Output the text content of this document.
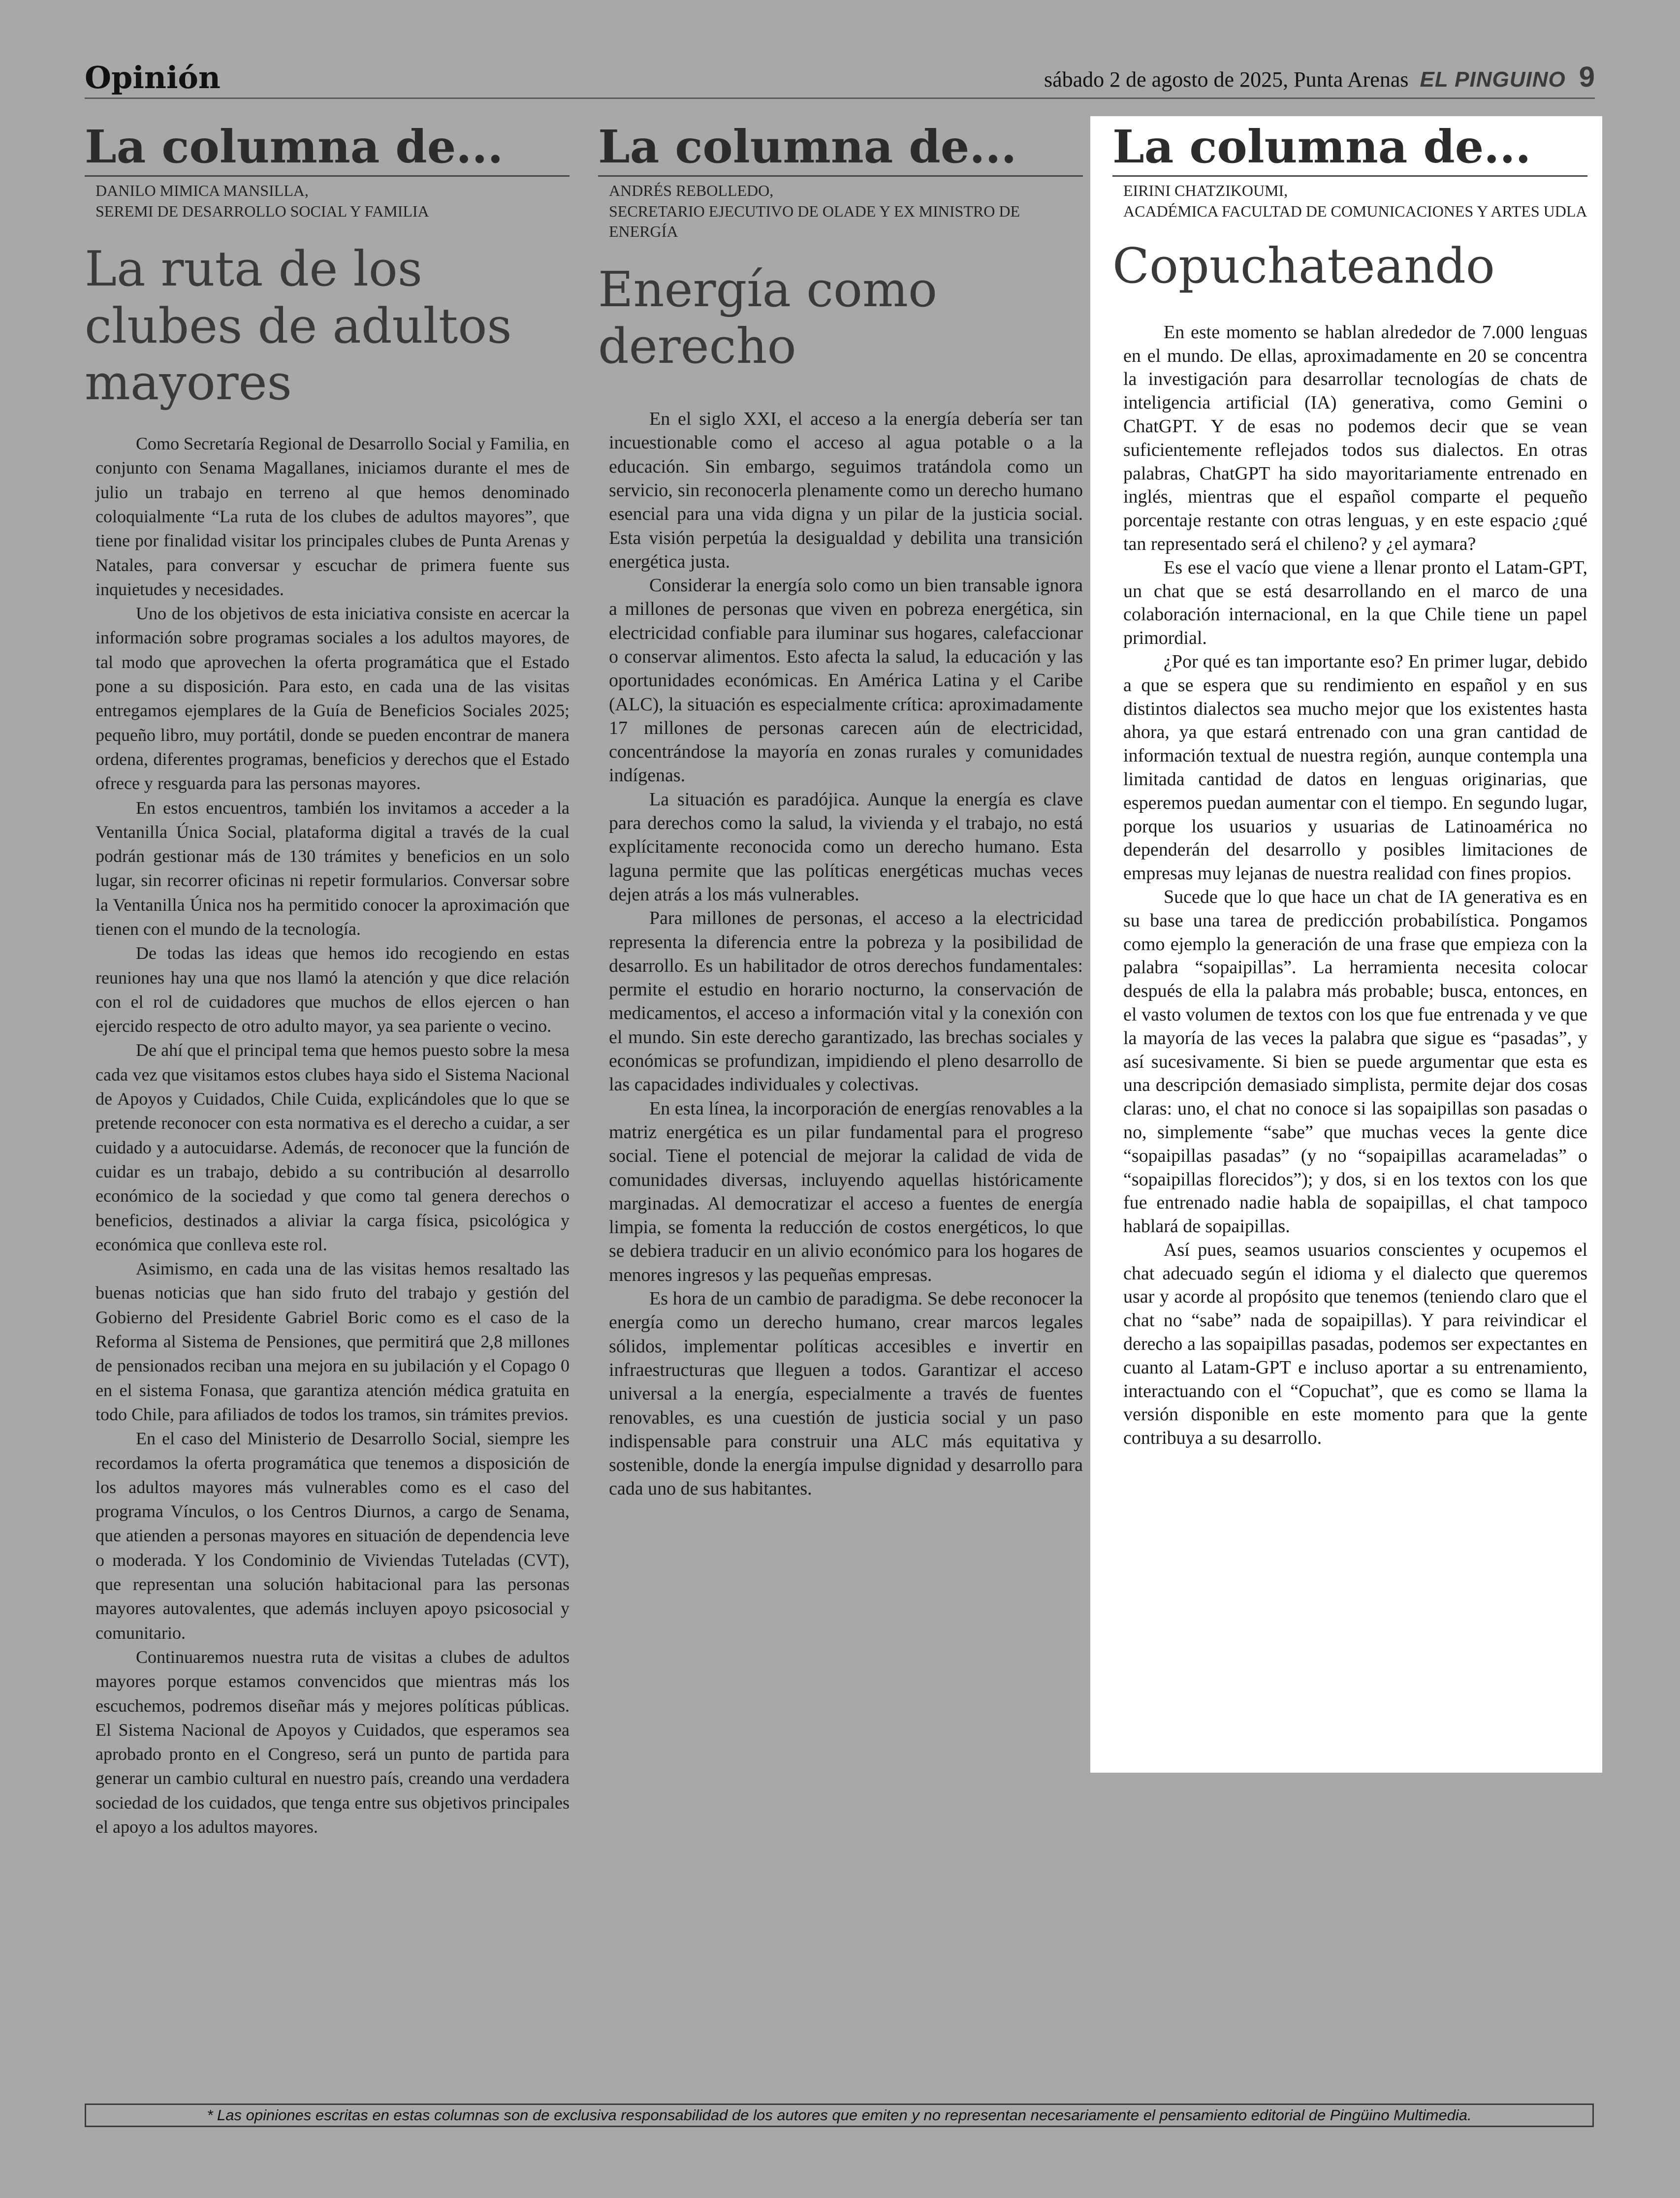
Opinión	sábado 2 de agosto de 2025, Punta Arenas EL PINGUINO 9
La columna de...
DANILO MIMICA MANSILLA,
SEREMI DE DESARROLLO SOCIAL Y FAMILIA
La ruta de los clubes de adultos mayores

Como Secretaría Regional de Desarrollo Social y Familia, en conjunto con Senama Magallanes, iniciamos durante el mes de julio un trabajo en terreno al que hemos denominado coloquialmente “La ruta de los clubes de adultos mayores”, que tiene por finalidad visitar los principales clubes de Punta Arenas y Natales, para conversar y escuchar de primera fuente sus inquietudes y necesidades.

Uno de los objetivos de esta iniciativa consiste en acercar la información sobre programas sociales a los adultos mayores, de tal modo que aprovechen la oferta programática que el Estado pone a su disposición. Para esto, en cada una de las visitas entregamos ejemplares de la Guía de Beneficios Sociales 2025; pequeño libro, muy portátil, donde se pueden encontrar de manera ordena, diferentes programas, beneficios y derechos que el Estado ofrece y resguarda para las personas mayores.

En estos encuentros, también los invitamos a acceder a la Ventanilla Única Social, plataforma digital a través de la cual podrán gestionar más de 130 trámites y beneficios en un solo lugar, sin recorrer oficinas ni repetir formularios. Conversar sobre la Ventanilla Única nos ha permitido conocer la aproximación que tienen con el mundo de la tecnología.

De todas las ideas que hemos ido recogiendo en estas reuniones hay una que nos llamó la atención y que dice relación con el rol de cuidadores que muchos de ellos ejercen o han ejercido respecto de otro adulto mayor, ya sea pariente o vecino.

De ahí que el principal tema que hemos puesto sobre la mesa cada vez que visitamos estos clubes haya sido el Sistema Nacional de Apoyos y Cuidados, Chile Cuida, explicándoles que lo que se pretende reconocer con esta normativa es el derecho a cuidar, a ser cuidado y a autocuidarse. Además, de reconocer que la función de cuidar es un trabajo, debido a su contribución al desarrollo económico de la sociedad y que como tal genera derechos o beneficios, destinados a aliviar la carga física, psicológica y económica que conlleva este rol.

Asimismo, en cada una de las visitas hemos resaltado las buenas noticias que han sido fruto del trabajo y gestión del Gobierno del Presidente Gabriel Boric como es el caso de la Reforma al Sistema de Pensiones, que permitirá que 2,8 millones de pensionados reciban una mejora en su jubilación y el Copago 0 en el sistema Fonasa, que garantiza atención médica gratuita en todo Chile, para afiliados de todos los tramos, sin trámites previos.

En el caso del Ministerio de Desarrollo Social, siempre les recordamos la oferta programática que tenemos a disposición de los adultos mayores más vulnerables como es el caso del programa Vínculos, o los Centros Diurnos, a cargo de Senama, que atienden a personas mayores en situación de dependencia leve o moderada. Y los Condominio de Viviendas Tuteladas (CVT), que representan una solución habitacional para las personas mayores autovalentes, que además incluyen apoyo psicosocial y comunitario.

Continuaremos nuestra ruta de visitas a clubes de adultos mayores porque estamos convencidos que mientras más los escuchemos, podremos diseñar más y mejores políticas públicas. El Sistema Nacional de Apoyos y Cuidados, que esperamos sea aprobado pronto en el Congreso, será un punto de partida para generar un cambio cultural en nuestro país, creando una verdadera sociedad de los cuidados, que tenga entre sus objetivos principales el apoyo a los adultos mayores.

La columna de...
ANDRÉS REBOLLEDO,
SECRETARIO EJECUTIVO DE OLADE Y EX MINISTRO DE ENERGÍA
Energía como derecho

En el siglo XXI, el acceso a la energía debería ser tan incuestionable como el acceso al agua potable o a la educación. Sin embargo, seguimos tratándola como un servicio, sin reconocerla plenamente como un derecho humano esencial para una vida digna y un pilar de la justicia social. Esta visión perpetúa la desigualdad y debilita una transición energética justa.

Considerar la energía solo como un bien transable ignora a millones de personas que viven en pobreza energética, sin electricidad confiable para iluminar sus hogares, calefaccionar o conservar alimentos. Esto afecta la salud, la educación y las oportunidades económicas. En América Latina y el Caribe (ALC), la situación es especialmente crítica: aproximadamente 17 millones de personas carecen aún de electricidad, concentrándose la mayoría en zonas rurales y comunidades indígenas.

La situación es paradójica. Aunque la energía es clave para derechos como la salud, la vivienda y el trabajo, no está explícitamente reconocida como un derecho humano. Esta laguna permite que las políticas energéticas muchas veces dejen atrás a los más vulnerables.

Para millones de personas, el acceso a la electricidad representa la diferencia entre la pobreza y la posibilidad de desarrollo. Es un habilitador de otros derechos fundamentales: permite el estudio en horario nocturno, la conservación de medicamentos, el acceso a información vital y la conexión con el mundo. Sin este derecho garantizado, las brechas sociales y económicas se profundizan, impidiendo el pleno desarrollo de las capacidades individuales y colectivas.

En esta línea, la incorporación de energías renovables a la matriz energética es un pilar fundamental para el progreso social. Tiene el potencial de mejorar la calidad de vida de comunidades diversas, incluyendo aquellas históricamente marginadas. Al democratizar el acceso a fuentes de energía limpia, se fomenta la reducción de costos energéticos, lo que se debiera traducir en un alivio económico para los hogares de menores ingresos y las pequeñas empresas.

Es hora de un cambio de paradigma. Se debe reconocer la energía como un derecho humano, crear marcos legales sólidos, implementar políticas accesibles e invertir en infraestructuras que lleguen a todos. Garantizar el acceso universal a la energía, especialmente a través de fuentes renovables, es una cuestión de justicia social y un paso indispensable para construir una ALC más equitativa y sostenible, donde la energía impulse dignidad y desarrollo para cada uno de sus habitantes.

La columna de...
EIRINI CHATZIKOUMI,
ACADÉMICA FACULTAD DE COMUNICACIONES Y ARTES UDLA
Copuchateando

En este momento se hablan alrededor de 7.000 lenguas en el mundo. De ellas, aproximadamente en 20 se concentra la investigación para desarrollar tecnologías de chats de inteligencia artificial (IA) generativa, como Gemini o ChatGPT. Y de esas no podemos decir que se vean suficientemente reflejados todos sus dialectos. En otras palabras, ChatGPT ha sido mayoritariamente entrenado en inglés, mientras que el español comparte el pequeño porcentaje restante con otras lenguas, y en este espacio ¿qué tan representado será el chileno? y ¿el aymara?

Es ese el vacío que viene a llenar pronto el Latam-GPT, un chat que se está desarrollando en el marco de una colaboración internacional, en la que Chile tiene un papel primordial.

¿Por qué es tan importante eso? En primer lugar, debido a que se espera que su rendimiento en español y en sus distintos dialectos sea mucho mejor que los existentes hasta ahora, ya que estará entrenado con una gran cantidad de información textual de nuestra región, aunque contempla una limitada cantidad de datos en lenguas originarias, que esperemos puedan aumentar con el tiempo. En segundo lugar, porque los usuarios y usuarias de Latinoamérica no dependerán del desarrollo y posibles limitaciones de empresas muy lejanas de nuestra realidad con fines propios.

Sucede que lo que hace un chat de IA generativa es en su base una tarea de predicción probabilística. Pongamos como ejemplo la generación de una frase que empieza con la palabra “sopaipillas”. La herramienta necesita colocar después de ella la palabra más probable; busca, entonces, en el vasto volumen de textos con los que fue entrenada y ve que la mayoría de las veces la palabra que sigue es “pasadas”, y así sucesivamente. Si bien se puede argumentar que esta es una descripción demasiado simplista, permite dejar dos cosas claras: uno, el chat no conoce si las sopaipillas son pasadas o no, simplemente “sabe” que muchas veces la gente dice “sopaipillas pasadas” (y no “sopaipillas acarameladas” o “sopaipillas florecidos”); y dos, si en los textos con los que fue entrenado nadie habla de sopaipillas, el chat tampoco hablará de sopaipillas.

Así pues, seamos usuarios conscientes y ocupemos el chat adecuado según el idioma y el dialecto que queremos usar y acorde al propósito que tenemos (teniendo claro que el chat no “sabe” nada de sopaipillas). Y para reivindicar el derecho a las sopaipillas pasadas, podemos ser expectantes en cuanto al Latam-GPT e incluso aportar a su entrenamiento, interactuando con el “Copuchat”, que es como se llama la versión disponible en este momento para que la gente contribuya a su desarrollo.

* Las opiniones escritas en estas columnas son de exclusiva responsabilidad de los autores que emiten y no representan necesariamente el pensamiento editorial de Pingüino Multimedia.
